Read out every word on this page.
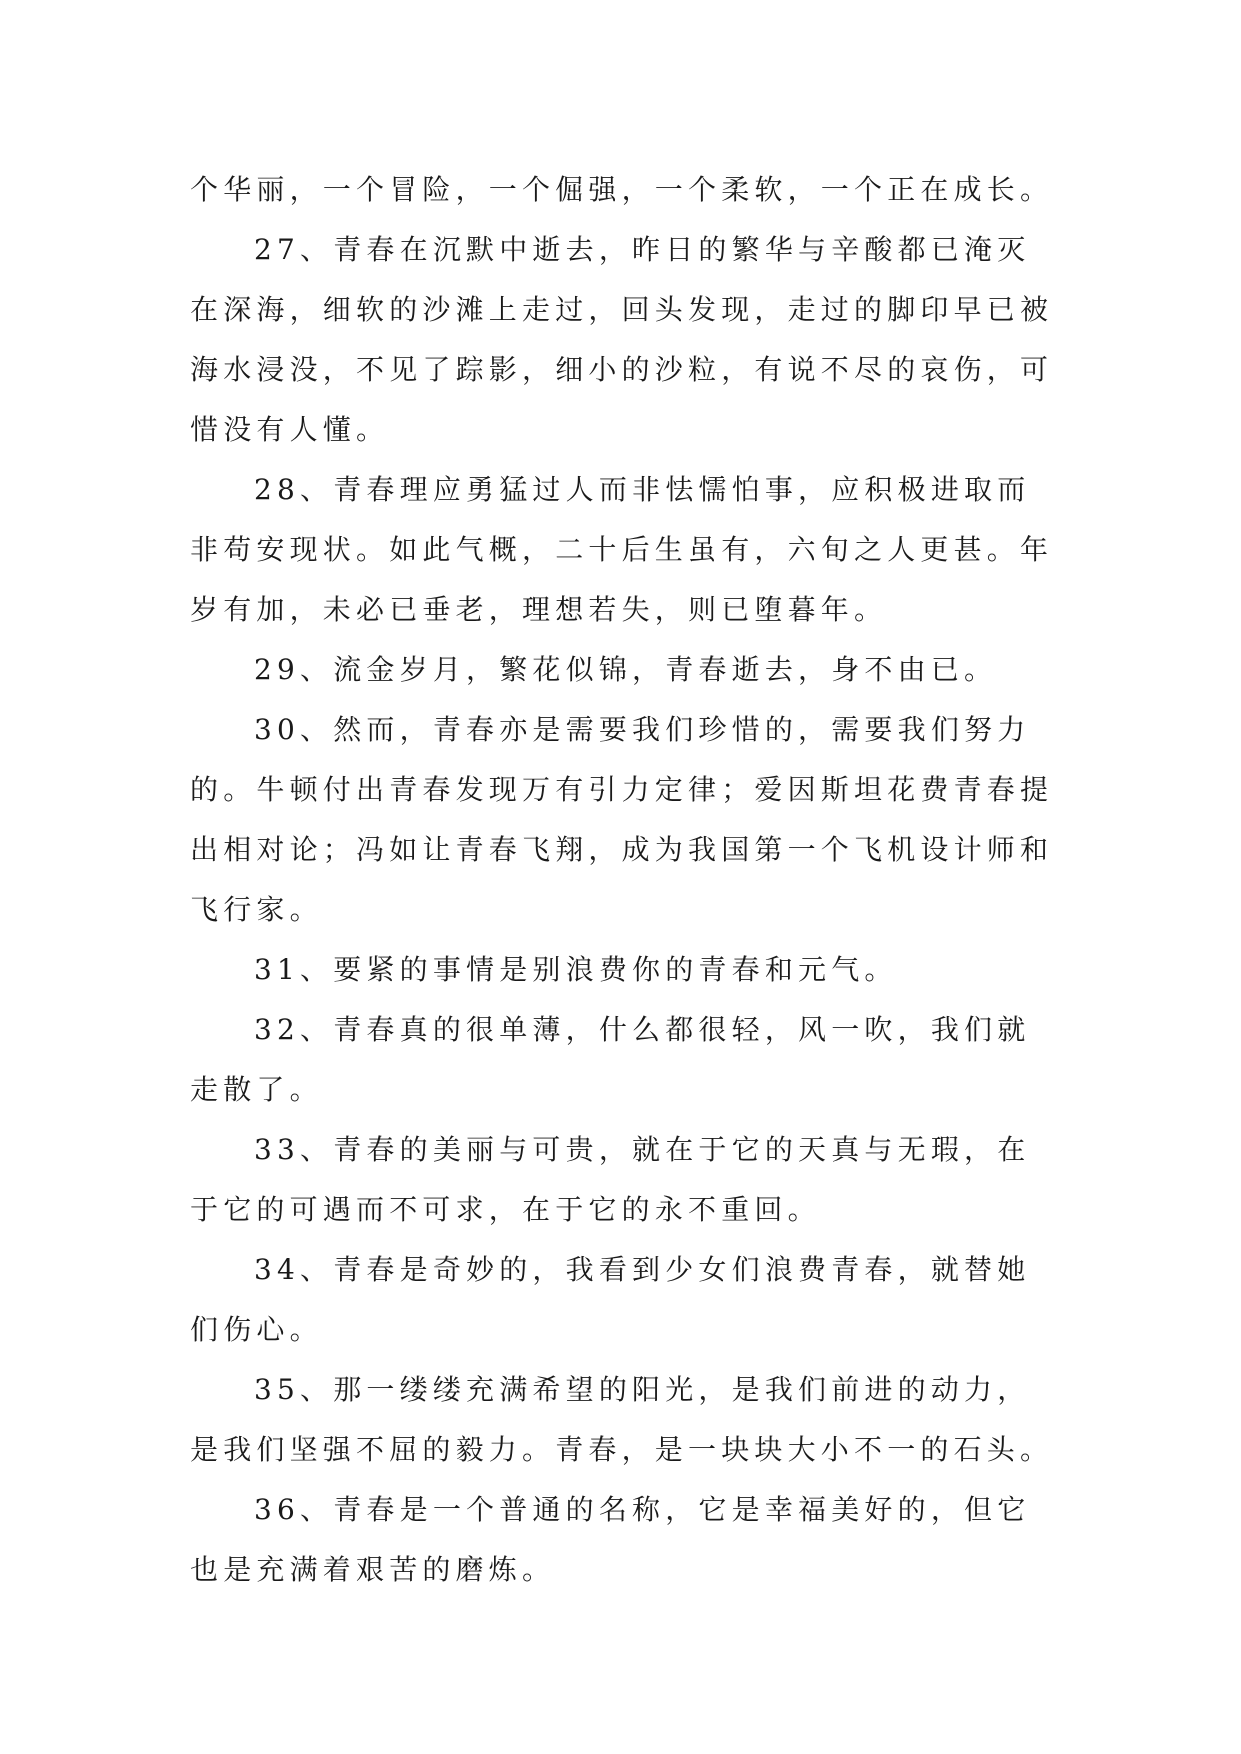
个华丽，一个冒险，一个倔强，一个柔软，一个正在成长。

27、青春在沉默中逝去，昨日的繁华与辛酸都已淹灭在深海，细软的沙滩上走过，回头发现，走过的脚印早已被海水浸没，不见了踪影，细小的沙粒，有说不尽的哀伤，可惜没有人懂。

28、青春理应勇猛过人而非怯懦怕事，应积极进取而非苟安现状。如此气概，二十后生虽有，六旬之人更甚。年岁有加，未必已垂老，理想若失，则已堕暮年。

29、流金岁月，繁花似锦，青春逝去，身不由已。

30、然而，青春亦是需要我们珍惜的，需要我们努力的。牛顿付出青春发现万有引力定律；爱因斯坦花费青春提出相对论；冯如让青春飞翔，成为我国第一个飞机设计师和飞行家。

31、要紧的事情是别浪费你的青春和元气。

32、青春真的很单薄，什么都很轻，风一吹，我们就走散了。

33、青春的美丽与可贵，就在于它的天真与无瑕，在于它的可遇而不可求，在于它的永不重回。

34、青春是奇妙的，我看到少女们浪费青春，就替她们伤心。

35、那一缕缕充满希望的阳光，是我们前进的动力，是我们坚强不屈的毅力。青春，是一块块大小不一的石头。

36、青春是一个普通的名称，它是幸福美好的，但它也是充满着艰苦的磨炼。
